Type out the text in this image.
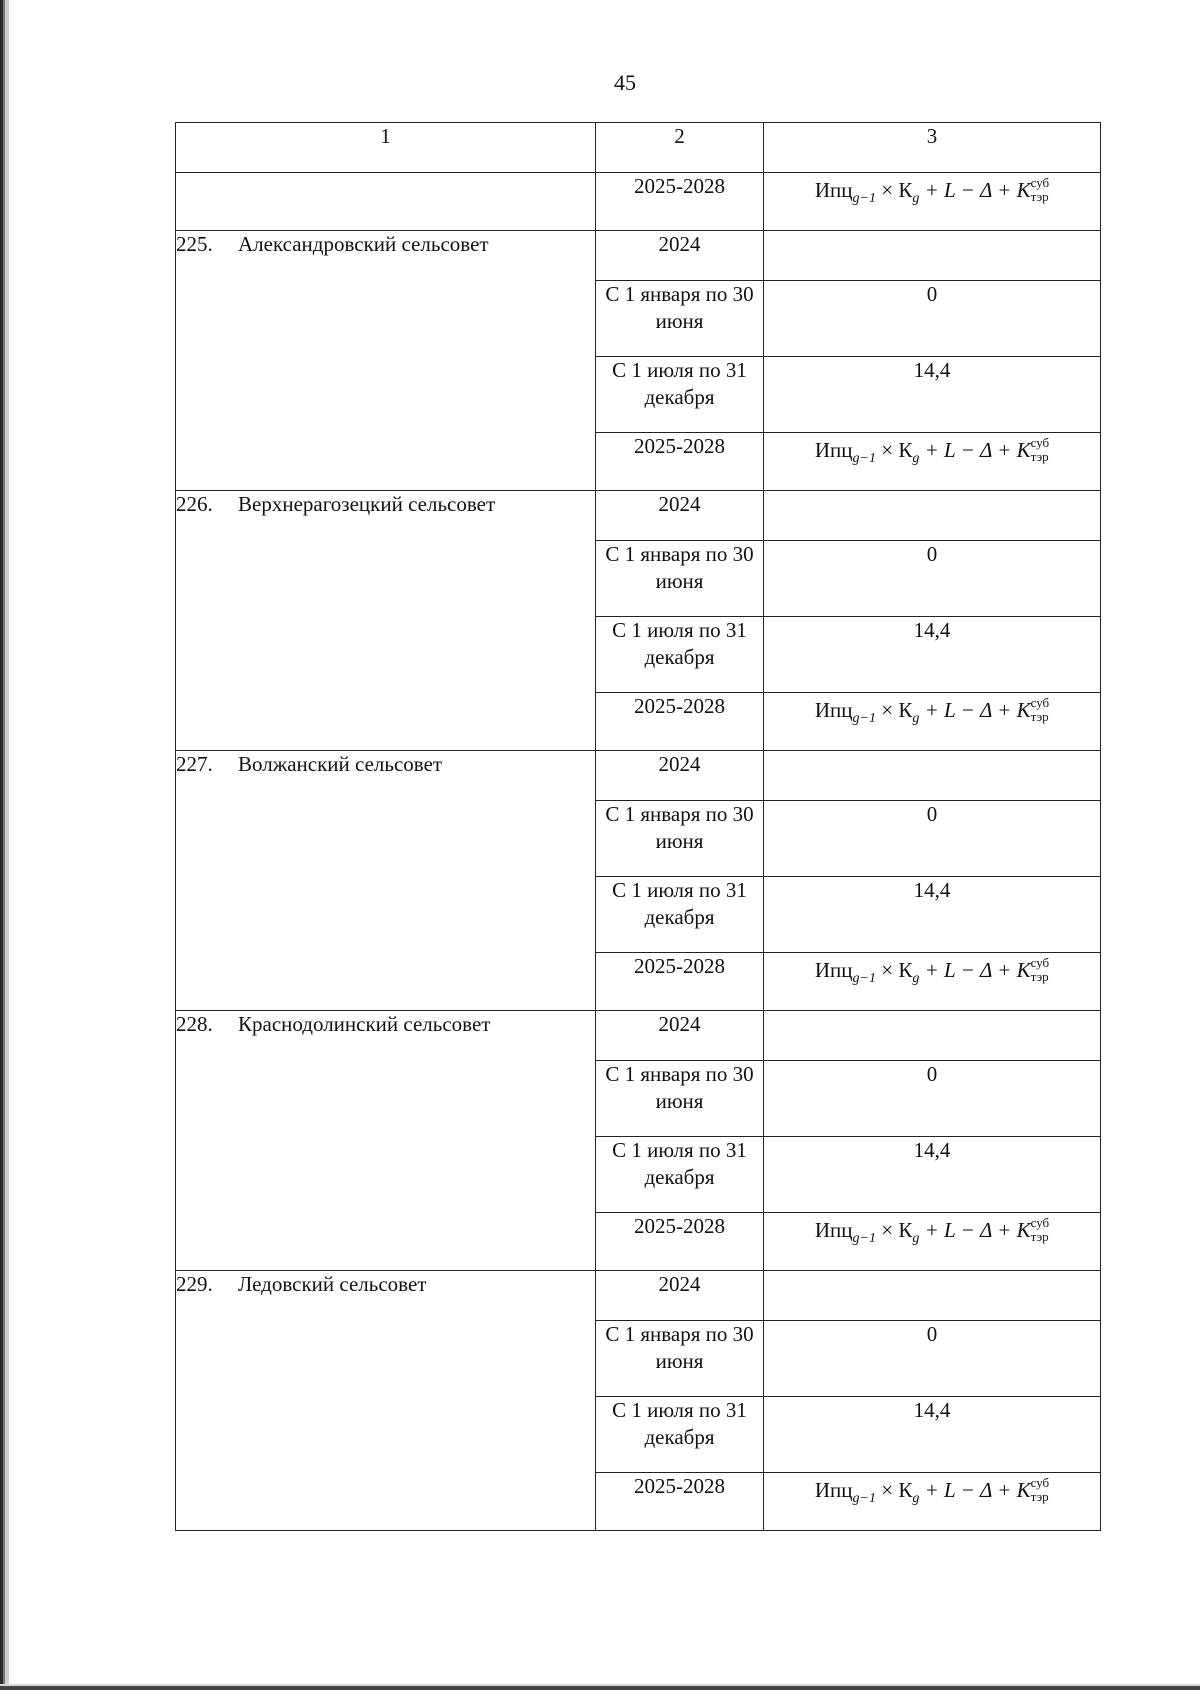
45
1	2	3
	2025-2028	$Ипц_{g-1} \times К_g + L - \Delta + K$ суб
тэр

225. Александровский сельсовет	2024	
	С 1 января по 30 июня	0
	С 1 июля по 31 декабря	14,4
	2025-2028	$Ипц_{g-1} \times К_g + L - \Delta + K$ суб
тэр

226. Верхнерагозецкий сельсовет	2024	
	С 1 января по 30 июня	0
	С 1 июля по 31 декабря	14,4
	2025-2028	$Ипц_{g-1} \times К_g + L - \Delta + K$ суб
тэр

227. Волжанский сельсовет	2024	
	С 1 января по 30 июня	0
	С 1 июля по 31 декабря	14,4
	2025-2028	$Ипц_{g-1} \times К_g + L - \Delta + K$ суб
тэр

228. Краснодолинский сельсовет	2024	
	С 1 января по 30 июня	0
	С 1 июля по 31 декабря	14,4
	2025-2028	$Ипц_{g-1} \times К_g + L - \Delta + K$ суб
тэр

229. Ледовский сельсовет	2024	
	С 1 января по 30 июня	0
	С 1 июля по 31 декабря	14,4
	2025-2028	$Ипц_{g-1} \times К_g + L - \Delta + K$ суб
тэр
